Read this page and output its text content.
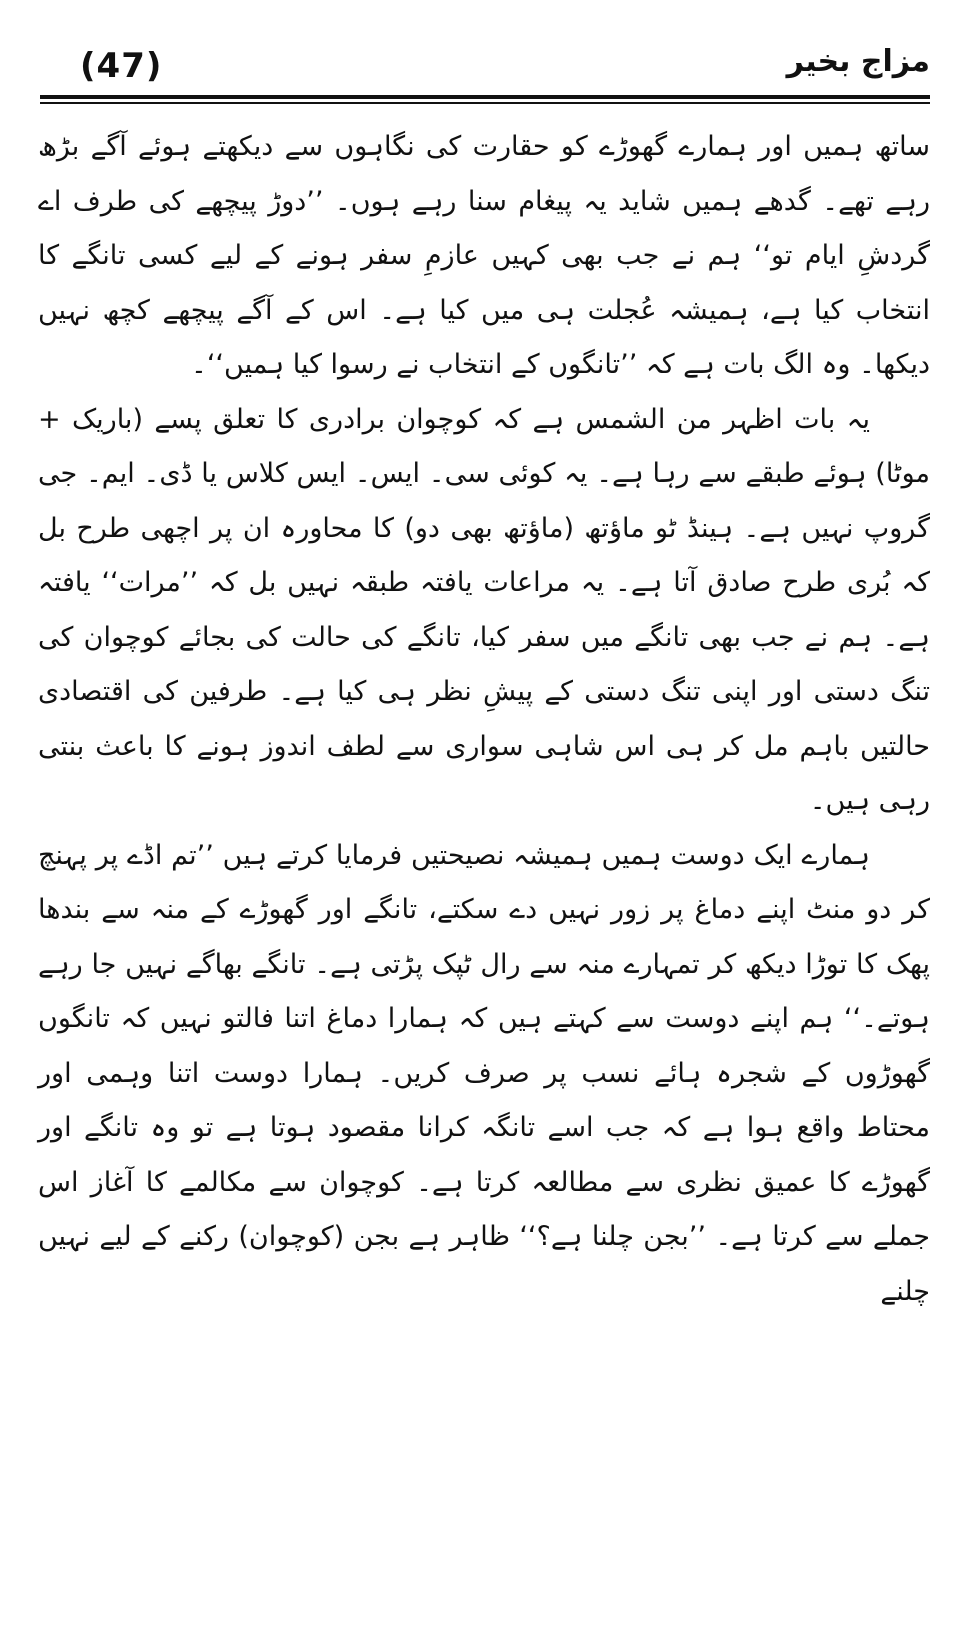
(47)	مزاج بخیر

ساتھ ہمیں اور ہمارے گھوڑے کو حقارت کی نگاہوں سے دیکھتے ہوئے آگے بڑھ رہے تھے۔ گدھے ہمیں شاید یہ پیغام سنا رہے ہوں۔ ’’دوڑ پیچھے کی طرف اے گردشِ ایام تو‘‘ ہم نے جب بھی کہیں عازمِ سفر ہونے کے لیے کسی تانگے کا انتخاب کیا ہے، ہمیشہ عُجلت ہی میں کیا ہے۔ اس کے آگے پیچھے کچھ نہیں دیکھا۔ وہ الگ بات ہے کہ ’’تانگوں کے انتخاب نے رسوا کیا ہمیں‘‘۔

یہ بات اظہر من الشمس ہے کہ کوچوان برادری کا تعلق پسے (باریک + موٹا) ہوئے طبقے سے رہا ہے۔ یہ کوئی سی۔ ایس۔ ایس کلاس یا ڈی۔ ایم۔ جی گروپ نہیں ہے۔ ہینڈ ٹو ماؤتھ (ماؤتھ بھی دو) کا محاورہ ان پر اچھی طرح بل کہ بُری طرح صادق آتا ہے۔ یہ مراعات یافتہ طبقہ نہیں بل کہ ’’مرات‘‘ یافتہ ہے۔ ہم نے جب بھی تانگے میں سفر کیا، تانگے کی حالت کی بجائے کوچوان کی تنگ دستی اور اپنی تنگ دستی کے پیشِ نظر ہی کیا ہے۔ طرفین کی اقتصادی حالتیں باہم مل کر ہی اس شاہی سواری سے لطف اندوز ہونے کا باعث بنتی رہی ہیں۔

ہمارے ایک دوست ہمیں ہمیشہ نصیحتیں فرمایا کرتے ہیں ’’تم اڈے پر پہنچ کر دو منٹ اپنے دماغ پر زور نہیں دے سکتے، تانگے اور گھوڑے کے منہ سے بندھا پھک کا توڑا دیکھ کر تمہارے منہ سے رال ٹپک پڑتی ہے۔ تانگے بھاگے نہیں جا رہے ہوتے۔‘‘ ہم اپنے دوست سے کہتے ہیں کہ ہمارا دماغ اتنا فالتو نہیں کہ تانگوں گھوڑوں کے شجرہ ہائے نسب پر صرف کریں۔ ہمارا دوست اتنا وہمی اور محتاط واقع ہوا ہے کہ جب اسے تانگہ کرانا مقصود ہوتا ہے تو وہ تانگے اور گھوڑے کا عمیق نظری سے مطالعہ کرتا ہے۔ کوچوان سے مکالمے کا آغاز اس جملے سے کرتا ہے۔ ’’بجن چلنا ہے؟‘‘ ظاہر ہے بجن (کوچوان) رکنے کے لیے نہیں چلنے
